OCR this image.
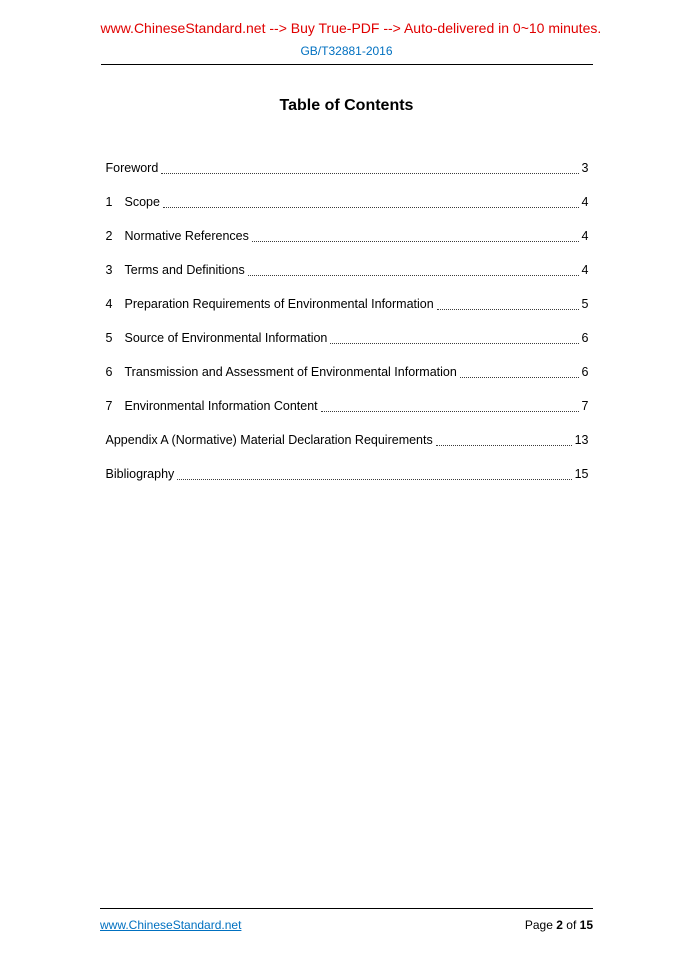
www.ChineseStandard.net --> Buy True-PDF --> Auto-delivered in 0~10 minutes.
GB/T32881-2016
Table of Contents
Foreword	3
1 Scope	4
2 Normative References	4
3 Terms and Definitions	4
4 Preparation Requirements of Environmental Information	5
5 Source of Environmental Information	6
6 Transmission and Assessment of Environmental Information	6
7 Environmental Information Content	7
Appendix A (Normative) Material Declaration Requirements	13
Bibliography	15
www.ChineseStandard.net	Page 2 of 15
